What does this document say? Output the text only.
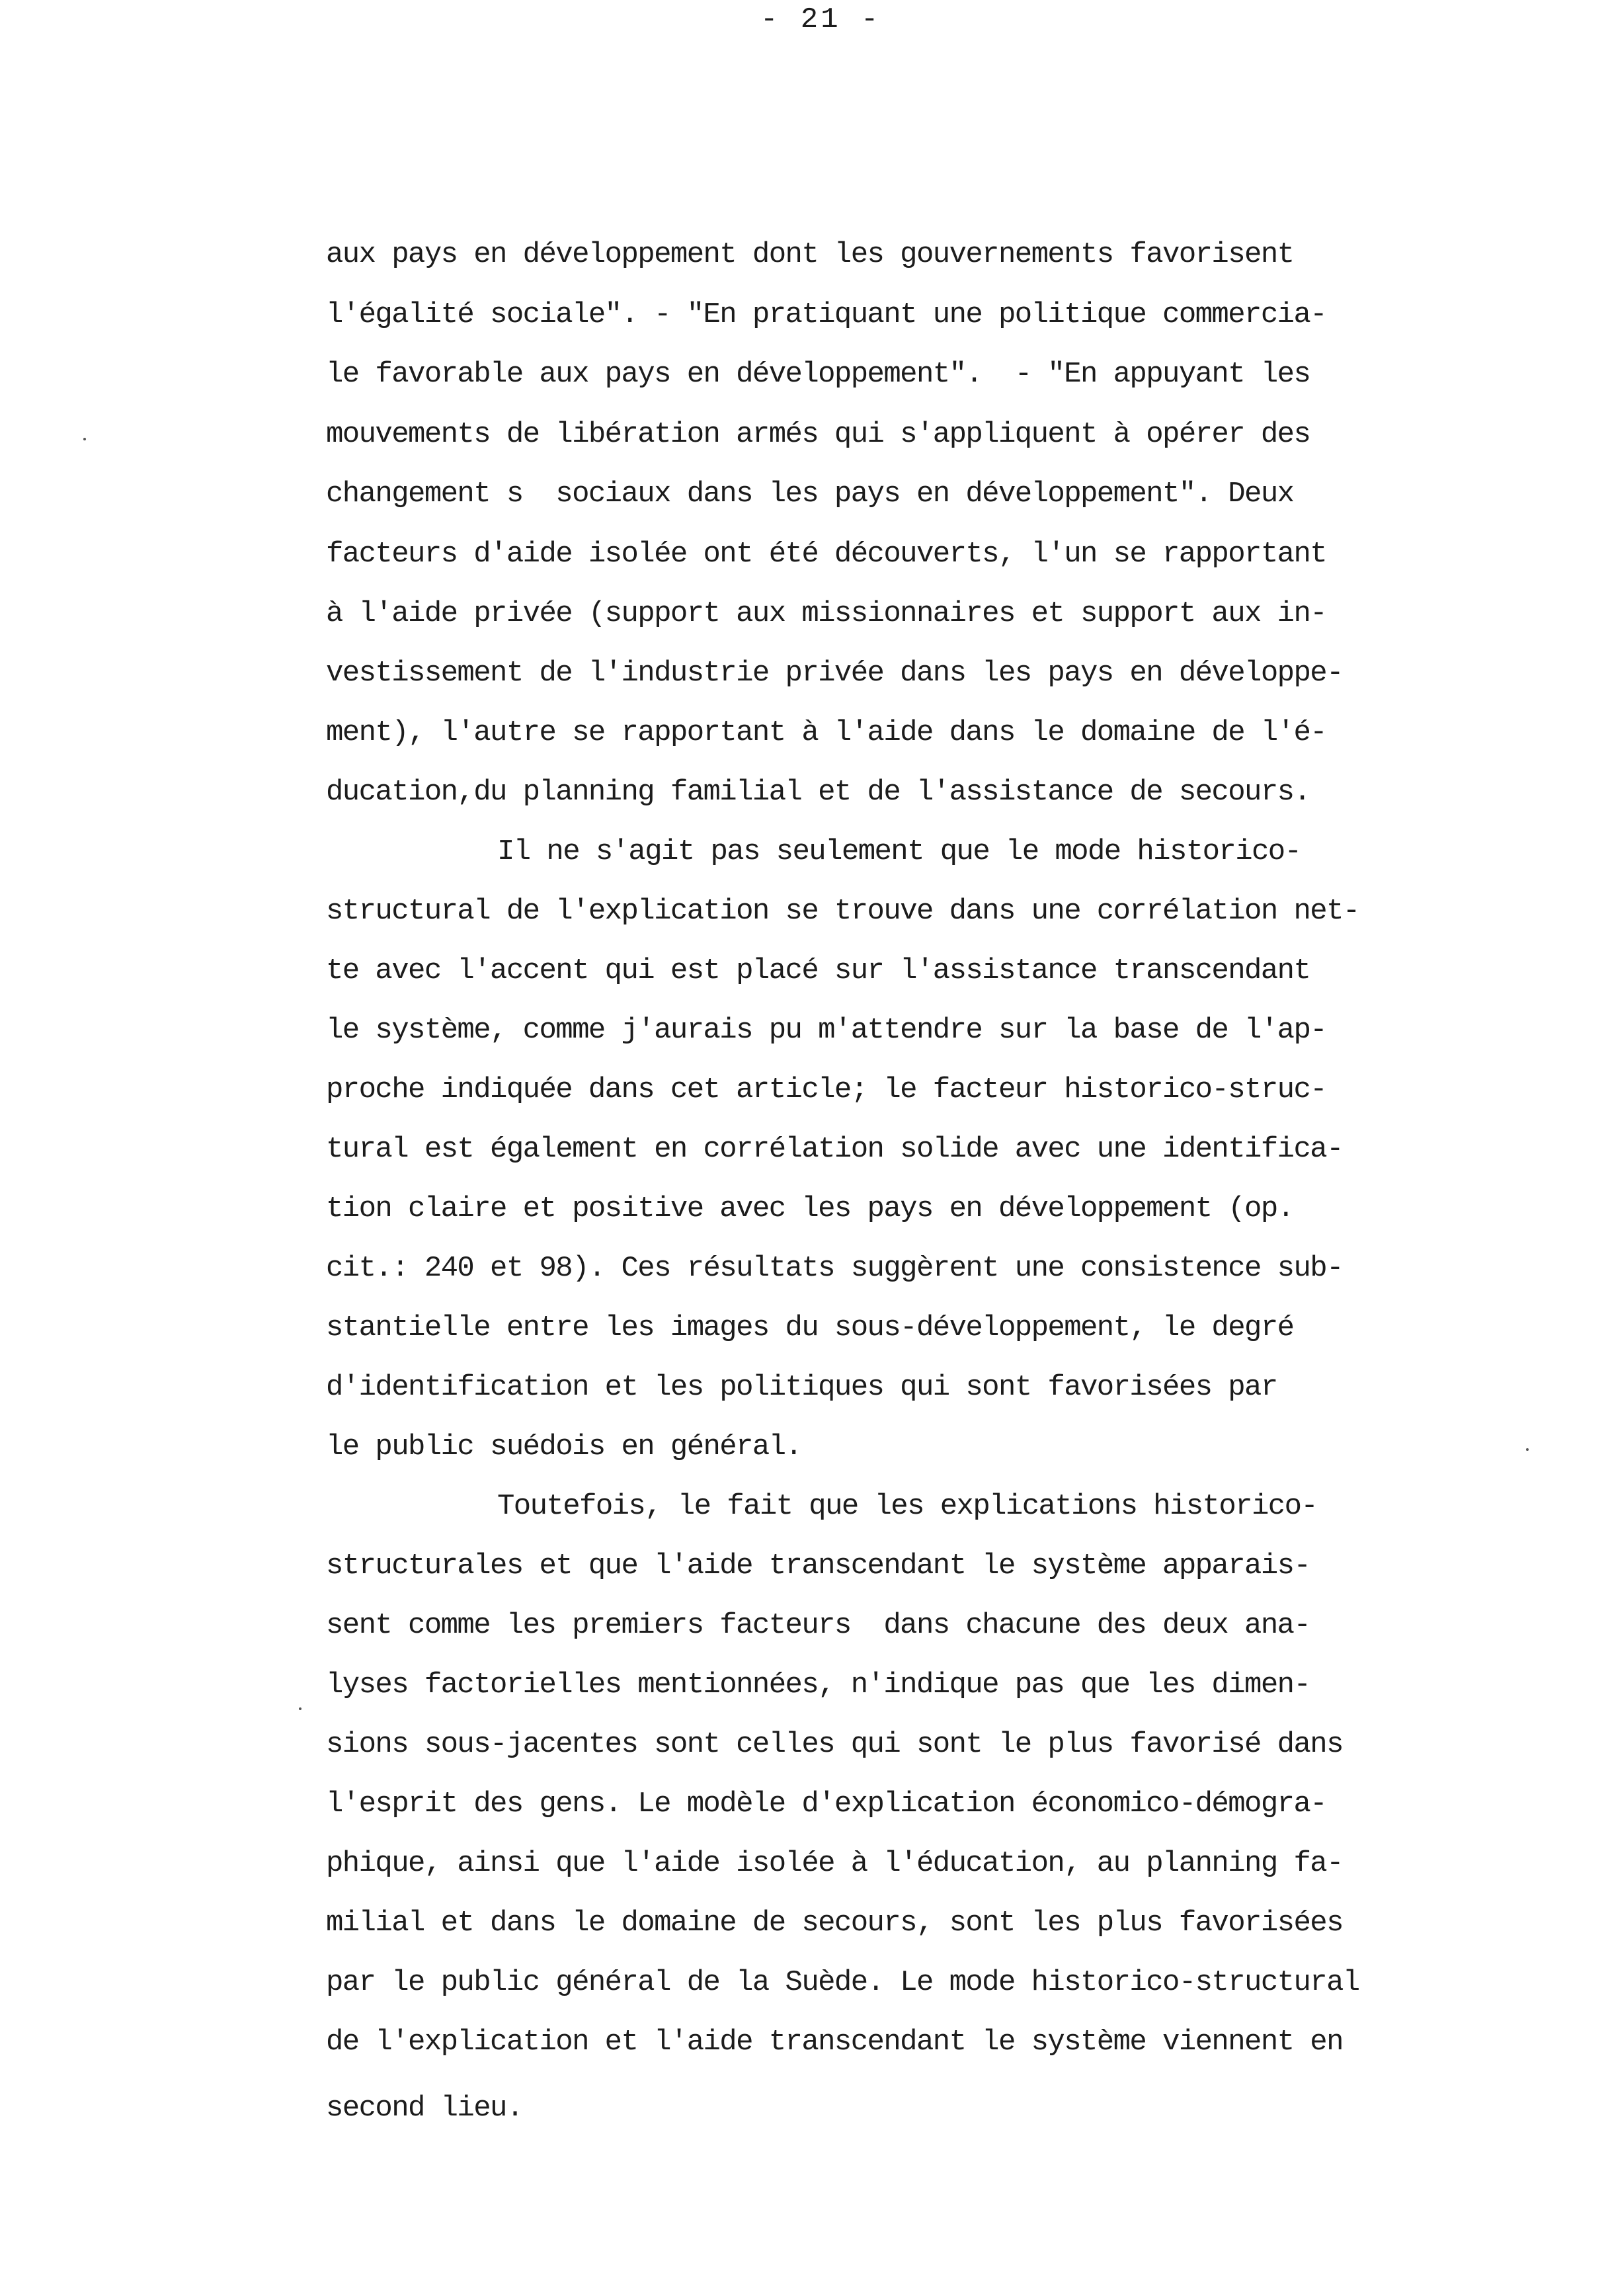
- 21 -
aux pays en développement dont les gouvernements favorisent
l'égalité sociale". - "En pratiquant une politique commercia-
le favorable aux pays en développement".  - "En appuyant les
mouvements de libération armés qui s'appliquent à opérer des
changement s  sociaux dans les pays en développement". Deux
facteurs d'aide isolée ont été découverts, l'un se rapportant
à l'aide privée (support aux missionnaires et support aux in-
vestissement de l'industrie privée dans les pays en développe-
ment), l'autre se rapportant à l'aide dans le domaine de l'é-
ducation,du planning familial et de l'assistance de secours.
Il ne s'agit pas seulement que le mode historico-
structural de l'explication se trouve dans une corrélation net-
te avec l'accent qui est placé sur l'assistance transcendant
le système, comme j'aurais pu m'attendre sur la base de l'ap-
proche indiquée dans cet article; le facteur historico-struc-
tural est également en corrélation solide avec une identifica-
tion claire et positive avec les pays en développement (op.
cit.: 240 et 98). Ces résultats suggèrent une consistence sub-
stantielle entre les images du sous-développement, le degré
d'identification et les politiques qui sont favorisées par
le public suédois en général.
Toutefois, le fait que les explications historico-
structurales et que l'aide transcendant le système apparais-
sent comme les premiers facteurs  dans chacune des deux ana-
lyses factorielles mentionnées, n'indique pas que les dimen-
sions sous-jacentes sont celles qui sont le plus favorisé dans
l'esprit des gens. Le modèle d'explication économico-démogra-
phique, ainsi que l'aide isolée à l'éducation, au planning fa-
milial et dans le domaine de secours, sont les plus favorisées
par le public général de la Suède. Le mode historico-structural
de l'explication et l'aide transcendant le système viennent en
second lieu.
